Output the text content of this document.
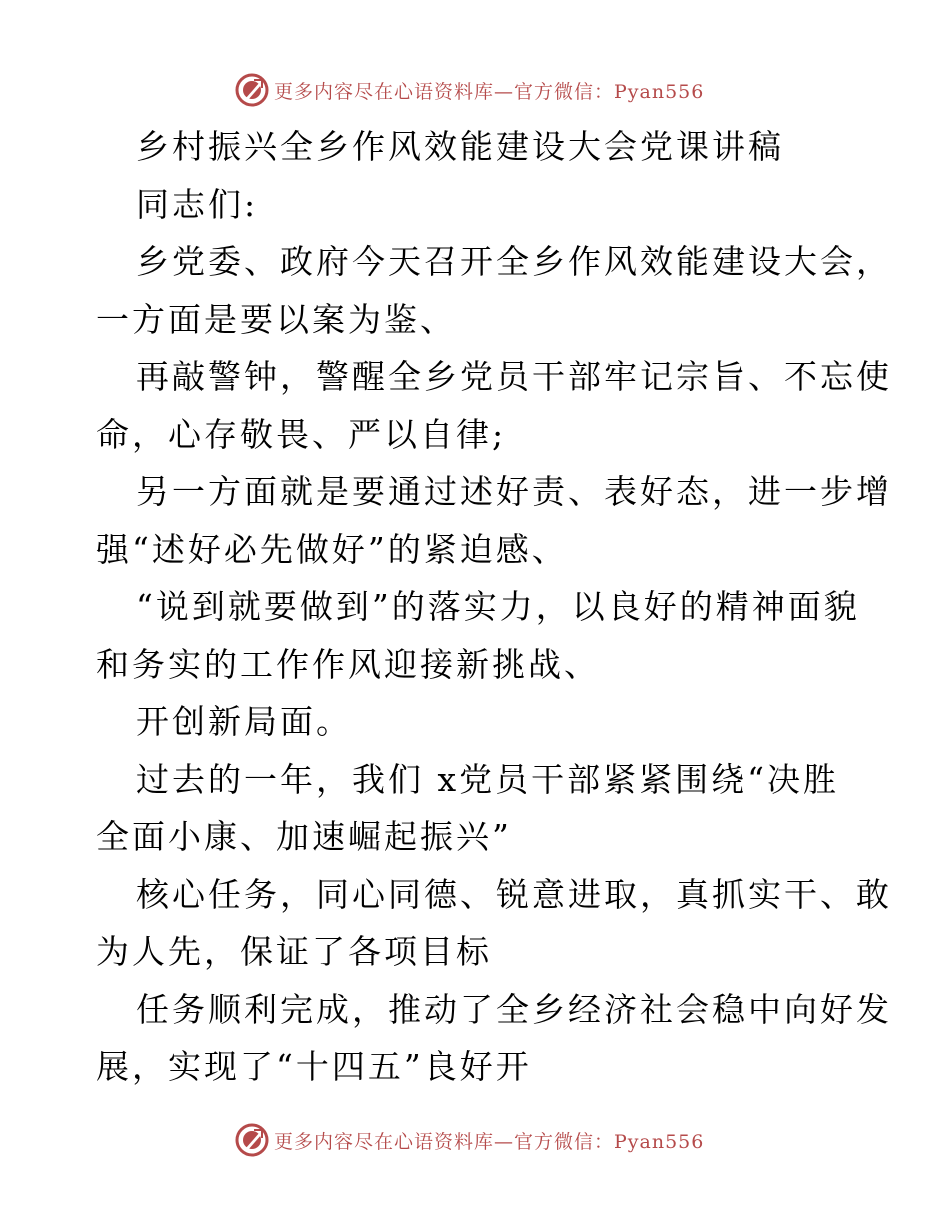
更多内容尽在心语资料库—官方微信：Pyan556
乡村振兴全乡作风效能建设大会党课讲稿
同志们:
乡党委、政府今天召开全乡作风效能建设大会，
一方面是要以案为鉴、
再敲警钟，警醒全乡党员干部牢记宗旨、不忘使
命，心存敬畏、严以自律;
另一方面就是要通过述好责、表好态，进一步增
强“述好必先做好”的紧迫感、
“说到就要做到”的落实力，以良好的精神面貌
和务实的工作作风迎接新挑战、
开创新局面。
过去的一年，我们 x党员干部紧紧围绕“决胜
全面小康、加速崛起振兴”
核心任务，同心同德、锐意进取，真抓实干、敢
为人先，保证了各项目标
任务顺利完成，推动了全乡经济社会稳中向好发
展，实现了“十四五”良好开
更多内容尽在心语资料库—官方微信：Pyan556
